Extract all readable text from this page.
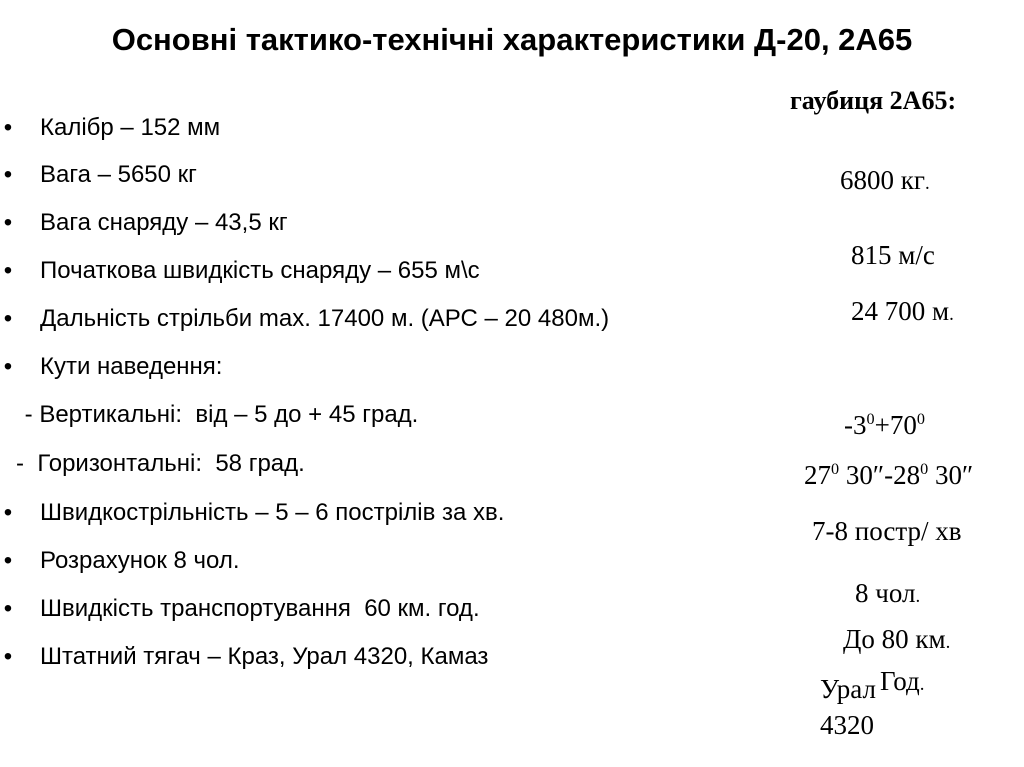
Основні тактико-технічні характеристики Д-20, 2А65
• Калібр – 152 мм
• Вага – 5650 кг
• Вага снаряду – 43,5 кг
• Початкова швидкість снаряду – 655 м\с
• Дальність стрільби max. 17400 м. (АРС – 20 480м.)
• Кути наведення:
- Вертикальні:  від – 5 до + 45 град.
-  Горизонтальні:  58 град.
• Швидкострільність – 5 – 6 пострілів за хв.
• Розрахунок 8 чол.
• Швидкість транспортування  60 км. год.
• Штатний тягач – Краз, Урал 4320, Камаз
гаубиця 2А65:
6800 кг.
815 м/с
24 700 м.
$-3^0+70^0$
$27^0$ $30''-28^0$ 30″
7-8 постр/ хв
8 чол.
До 80 км.
Год.
Урал
4320
